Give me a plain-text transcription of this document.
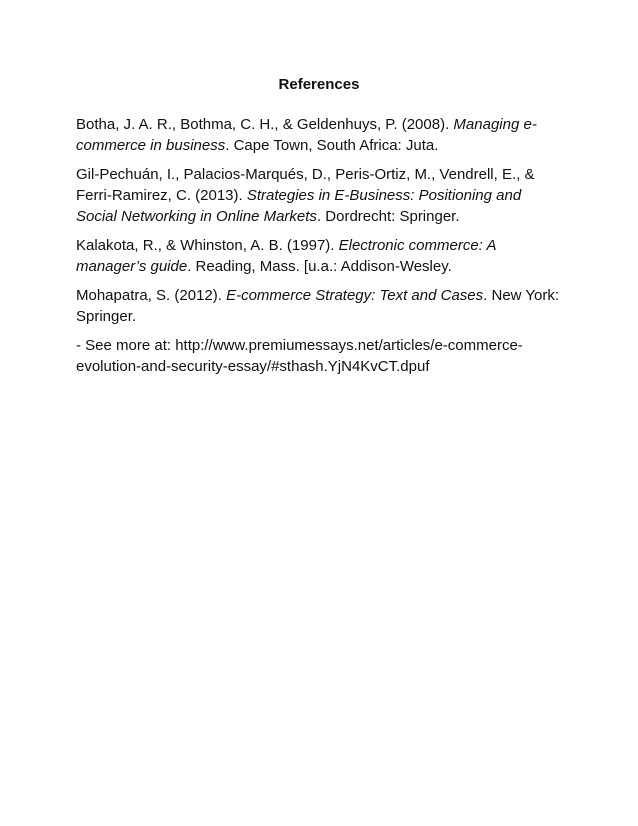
References

Botha, J. A. R., Bothma, C. H., & Geldenhuys, P. (2008). Managing e-commerce in business. Cape Town, South Africa: Juta.

Gil-Pechuán, I., Palacios-Marqués, D., Peris-Ortiz, M., Vendrell, E., & Ferri-Ramirez, C. (2013). Strategies in E-Business: Positioning and Social Networking in Online Markets. Dordrecht: Springer.

Kalakota, R., & Whinston, A. B. (1997). Electronic commerce: A manager’s guide. Reading, Mass. [u.a.: Addison-Wesley.

Mohapatra, S. (2012). E-commerce Strategy: Text and Cases. New York: Springer.

- See more at: http://www.premiumessays.net/articles/e-commerce-evolution-and-security-essay/#sthash.YjN4KvCT.dpuf
